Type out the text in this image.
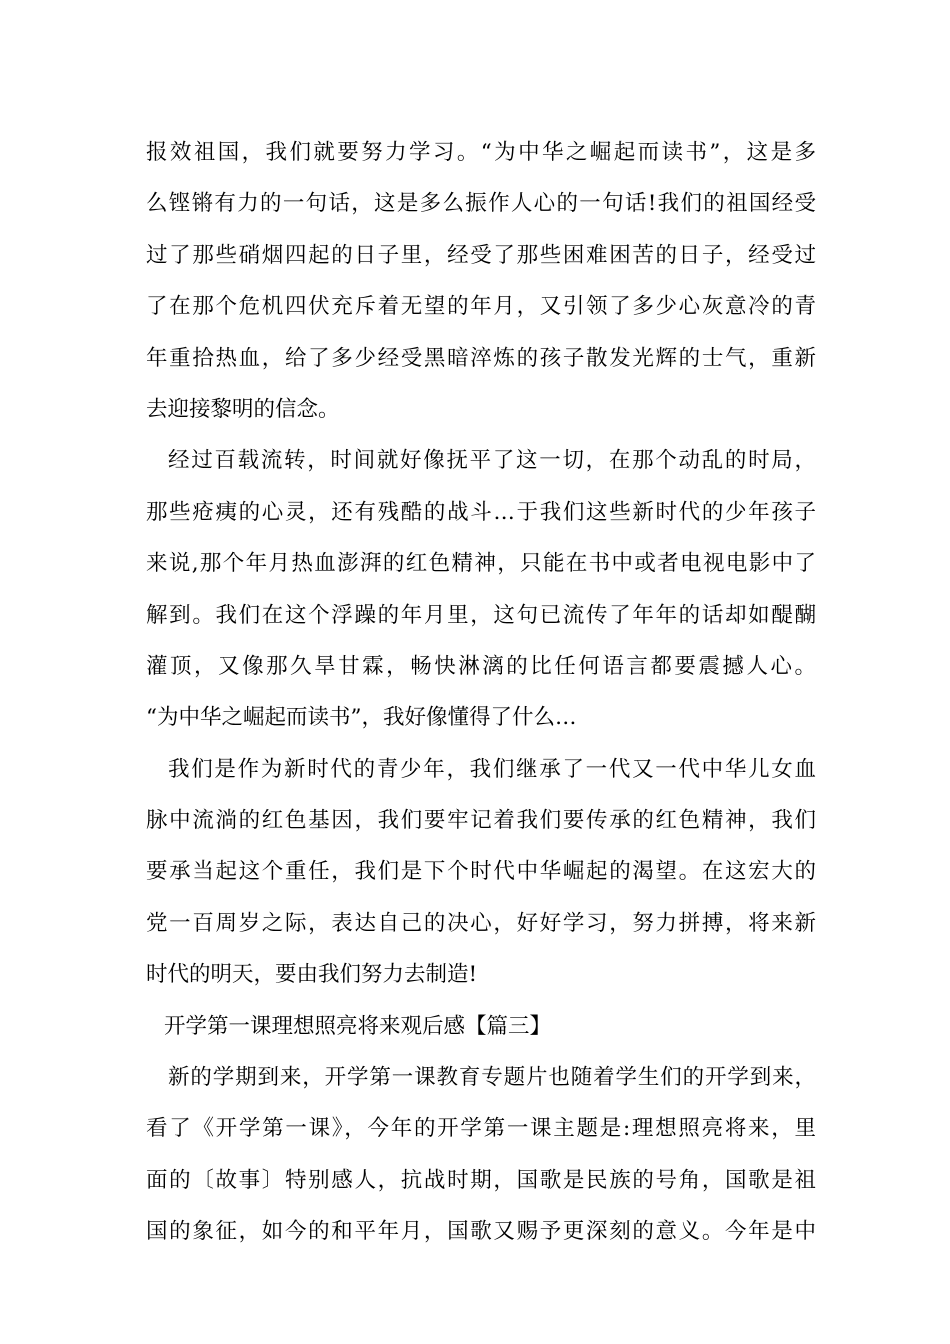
报效祖国，我们就要努力学习。“为中华之崛起而读书”，这是多
么铿锵有力的一句话，这是多么振作人心的一句话!我们的祖国经受
过了那些硝烟四起的日子里，经受了那些困难困苦的日子，经受过
了在那个危机四伏充斥着无望的年月，又引领了多少心灰意冷的青
年重拾热血，给了多少经受黑暗淬炼的孩子散发光辉的士气，重新
去迎接黎明的信念。
经过百载流转，时间就好像抚平了这一切，在那个动乱的时局，
那些疮痍的心灵，还有残酷的战斗…于我们这些新时代的少年孩子
来说,那个年月热血澎湃的红色精神，只能在书中或者电视电影中了
解到。我们在这个浮躁的年月里，这句已流传了年年的话却如醍醐
灌顶，又像那久旱甘霖，畅快淋漓的比任何语言都要震撼人心。
“为中华之崛起而读书”，我好像懂得了什么…
我们是作为新时代的青少年，我们继承了一代又一代中华儿女血
脉中流淌的红色基因，我们要牢记着我们要传承的红色精神，我们
要承当起这个重任，我们是下个时代中华崛起的渴望。在这宏大的
党一百周岁之际，表达自己的决心，好好学习，努力拼搏，将来新
时代的明天，要由我们努力去制造!
开学第一课理想照亮将来观后感【篇三】
新的学期到来，开学第一课教育专题片也随着学生们的开学到来，
看了《开学第一课》，今年的开学第一课主题是:理想照亮将来，里
面的〔故事〕特别感人，抗战时期，国歌是民族的号角，国歌是祖
国的象征，如今的和平年月，国歌又赐予更深刻的意义。今年是中
